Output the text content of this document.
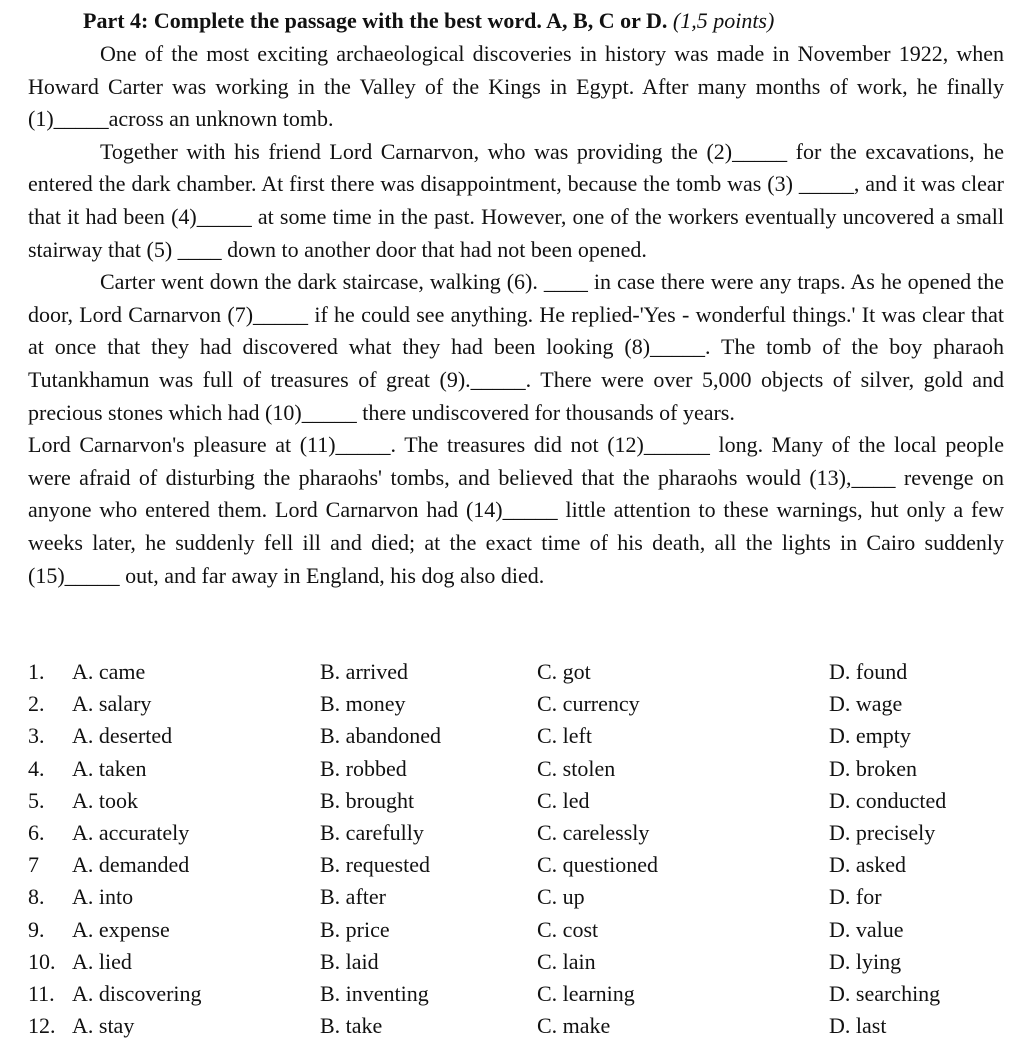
Part 4: Complete the passage with the best word. A, B, C or D. (1,5 points)

One of the most exciting archaeological discoveries in history was made in November 1922, when Howard Carter was working in the Valley of the Kings in Egypt. After many months of work, he finally (1)_____across an unknown tomb.

Together with his friend Lord Carnarvon, who was providing the (2)_____ for the excavations, he entered the dark chamber. At first there was disappointment, because the tomb was (3) _____, and it was clear that it had been (4)_____ at some time in the past. However, one of the workers eventually uncovered a small stairway that (5) ____ down to another door that had not been opened.

Carter went down the dark staircase, walking (6). ____ in case there were any traps. As he opened the door, Lord Carnarvon (7)_____ if he could see anything. He replied-'Yes - wonderful things.' It was clear that at once that they had discovered what they had been looking (8)_____. The tomb of the boy pharaoh Tutankhamun was full of treasures of great (9)._____. There were over 5,000 objects of silver, gold and precious stones which had (10)_____ there undiscovered for thousands of years.

Lord Carnarvon's pleasure at (11)_____. The treasures did not (12)______ long. Many of the local people were afraid of disturbing the pharaohs' tombs, and believed that the pharaohs would (13),____ revenge on anyone who entered them. Lord Carnarvon had (14)_____ little attention to these warnings, hut only a few weeks later, he suddenly fell ill and died; at the exact time of his death, all the lights in Cairo suddenly (15)_____ out, and far away in England, his dog also died.

1. A. came	B. arrived	C. got	D. found
2. A. salary	B. money	C. currency	D. wage
3. A. deserted	B. abandoned	C. left	D. empty
4. A. taken	B. robbed	C. stolen	D. broken
5. A. took	B. brought	C. led	D. conducted
6. A. accurately	B. carefully	C. carelessly	D. precisely
7 A. demanded	B. requested	C. questioned	D. asked
8. A. into	B. after	C. up	D. for
9. A. expense	B. price	C. cost	D. value
10. A. lied	B. laid	C. lain	D. lying
11. A. discovering	B. inventing	C. learning	D. searching
12. A. stay	B. take	C. make	D. last
